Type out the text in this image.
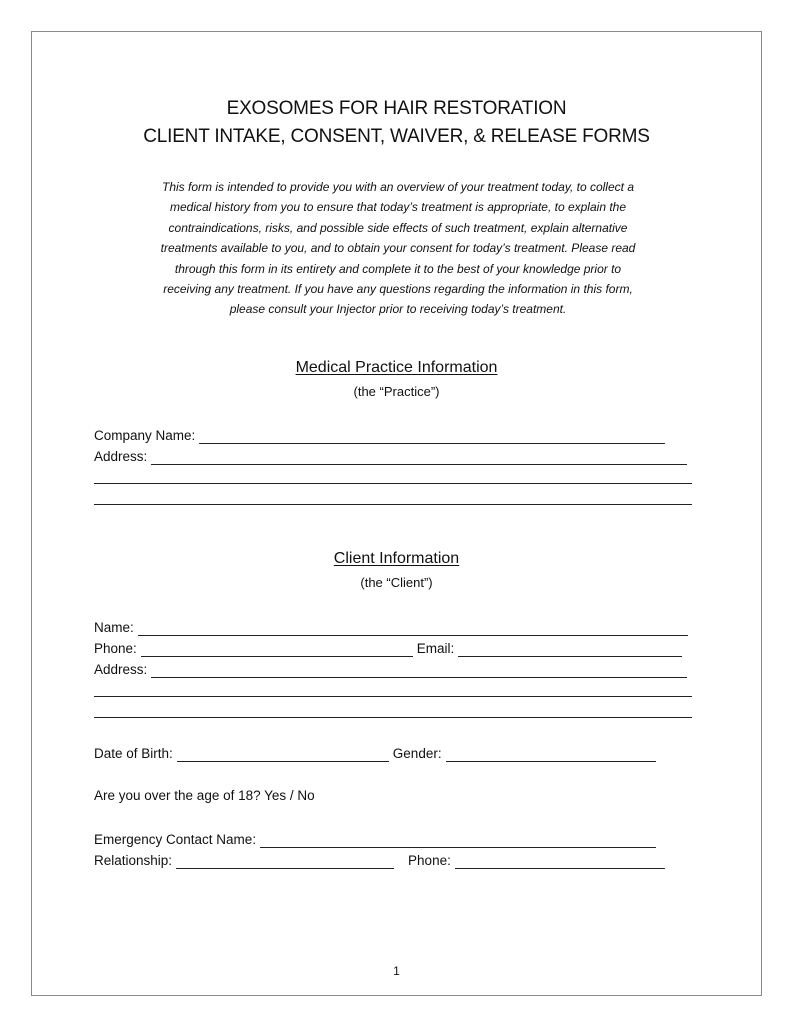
EXOSOMES FOR HAIR RESTORATION
CLIENT INTAKE, CONSENT, WAIVER, & RELEASE FORMS
This form is intended to provide you with an overview of your treatment today, to collect a
medical history from you to ensure that today’s treatment is appropriate, to explain the
contraindications, risks, and possible side effects of such treatment, explain alternative
treatments available to you, and to obtain your consent for today’s treatment. Please read
through this form in its entirety and complete it to the best of your knowledge prior to
receiving any treatment. If you have any questions regarding the information in this form,
please consult your Injector prior to receiving today’s treatment.
Medical Practice Information
(the “Practice”)
Company Name:
Address:
Client Information
(the “Client”)
Name:
Phone:	Email:
Address:
Date of Birth:	Gender:
Are you over the age of 18? Yes / No
Emergency Contact Name:
Relationship:	Phone:
1
